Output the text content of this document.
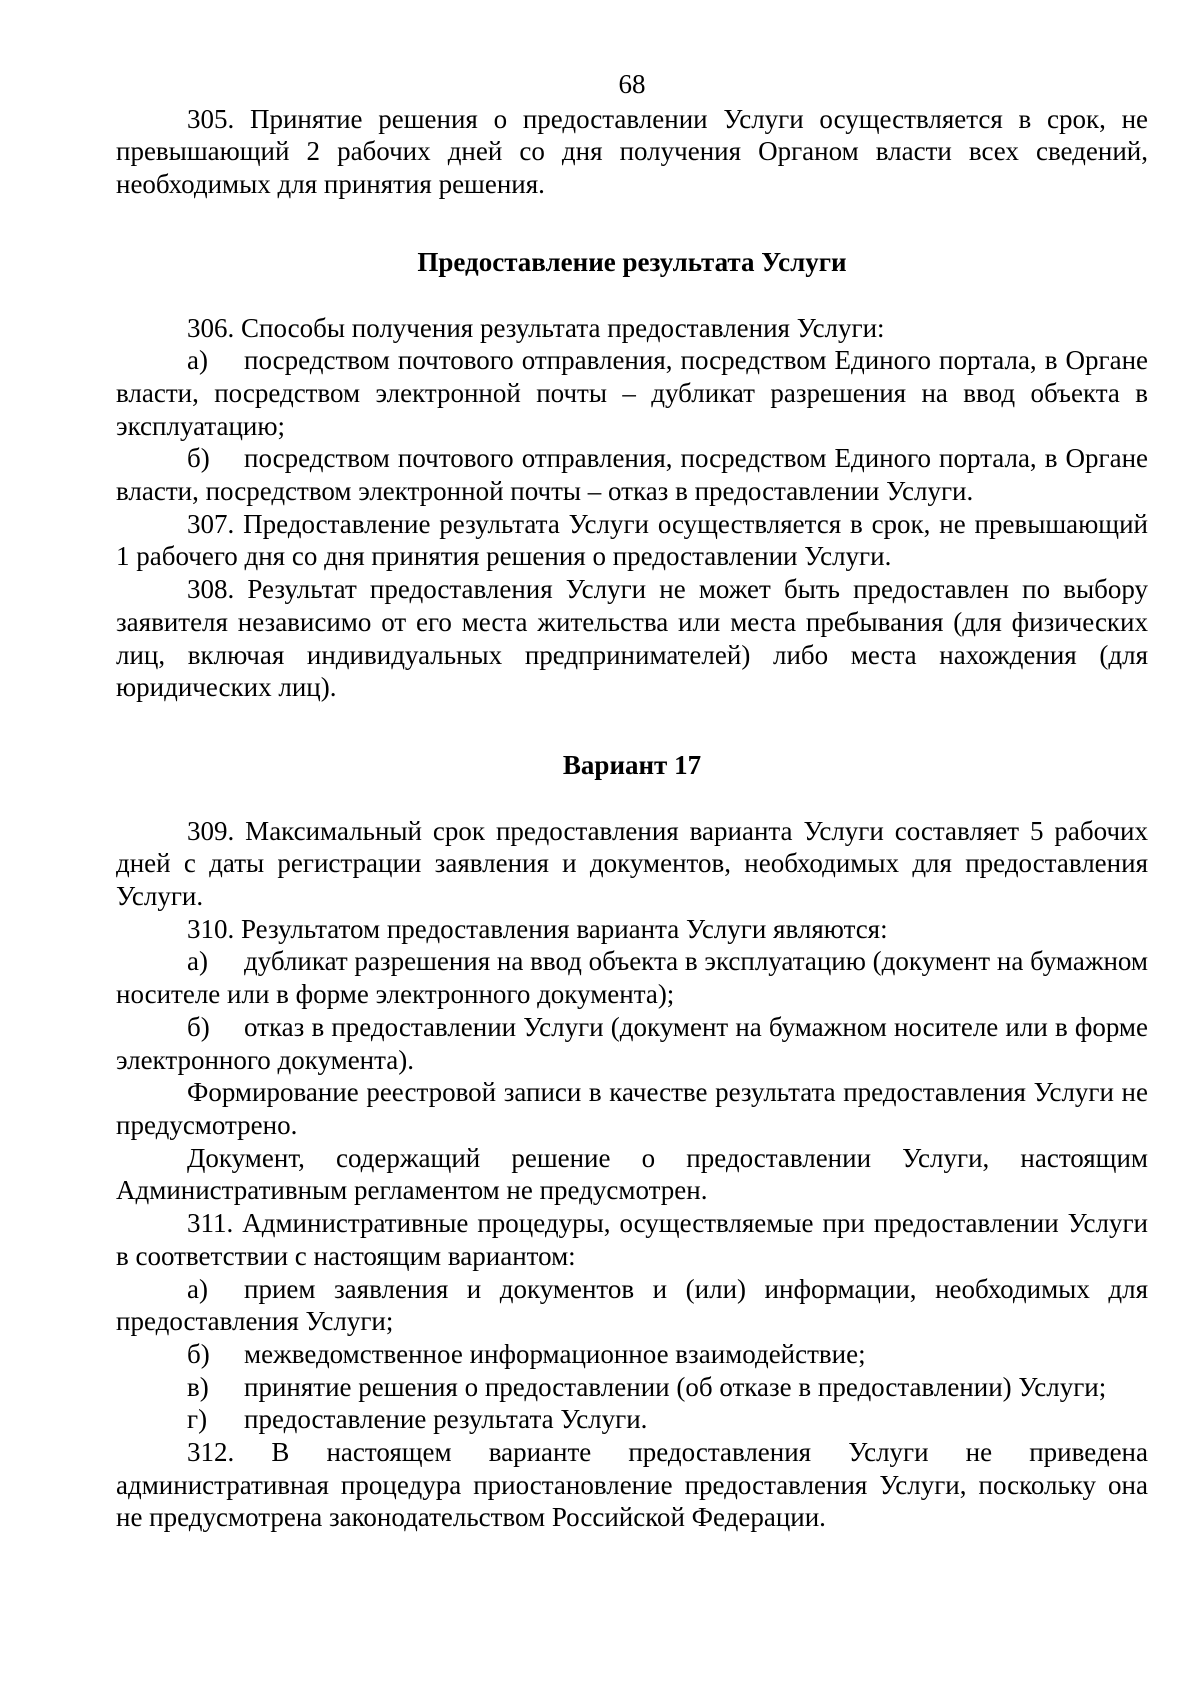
68

305. Принятие решения о предоставлении Услуги осуществляется в срок, не превышающий 2 рабочих дней со дня получения Органом власти всех сведений, необходимых для принятия решения.

Предоставление результата Услуги

306. Способы получения результата предоставления Услуги:

а) посредством почтового отправления, посредством Единого портала, в Органе власти, посредством электронной почты – дубликат разрешения на ввод объекта в эксплуатацию;

б) посредством почтового отправления, посредством Единого портала, в Органе власти, посредством электронной почты – отказ в предоставлении Услуги.

307. Предоставление результата Услуги осуществляется в срок, не превышающий 1 рабочего дня со дня принятия решения о предоставлении Услуги.

308. Результат предоставления Услуги не может быть предоставлен по выбору заявителя независимо от его места жительства или места пребывания (для физических лиц, включая индивидуальных предпринимателей) либо места нахождения (для юридических лиц).

Вариант 17

309. Максимальный срок предоставления варианта Услуги составляет 5 рабочих дней с даты регистрации заявления и документов, необходимых для предоставления Услуги.

310. Результатом предоставления варианта Услуги являются:

а) дубликат разрешения на ввод объекта в эксплуатацию (документ на бумажном носителе или в форме электронного документа);

б) отказ в предоставлении Услуги (документ на бумажном носителе или в форме электронного документа).

Формирование реестровой записи в качестве результата предоставления Услуги не предусмотрено.

Документ, содержащий решение о предоставлении Услуги, настоящим Административным регламентом не предусмотрен.

311. Административные процедуры, осуществляемые при предоставлении Услуги в соответствии с настоящим вариантом:

а) прием заявления и документов и (или) информации, необходимых для предоставления Услуги;

б) межведомственное информационное взаимодействие;

в) принятие решения о предоставлении (об отказе в предоставлении) Услуги;

г) предоставление результата Услуги.

312. В настоящем варианте предоставления Услуги не приведена административная процедура приостановление предоставления Услуги, поскольку она не предусмотрена законодательством Российской Федерации.
